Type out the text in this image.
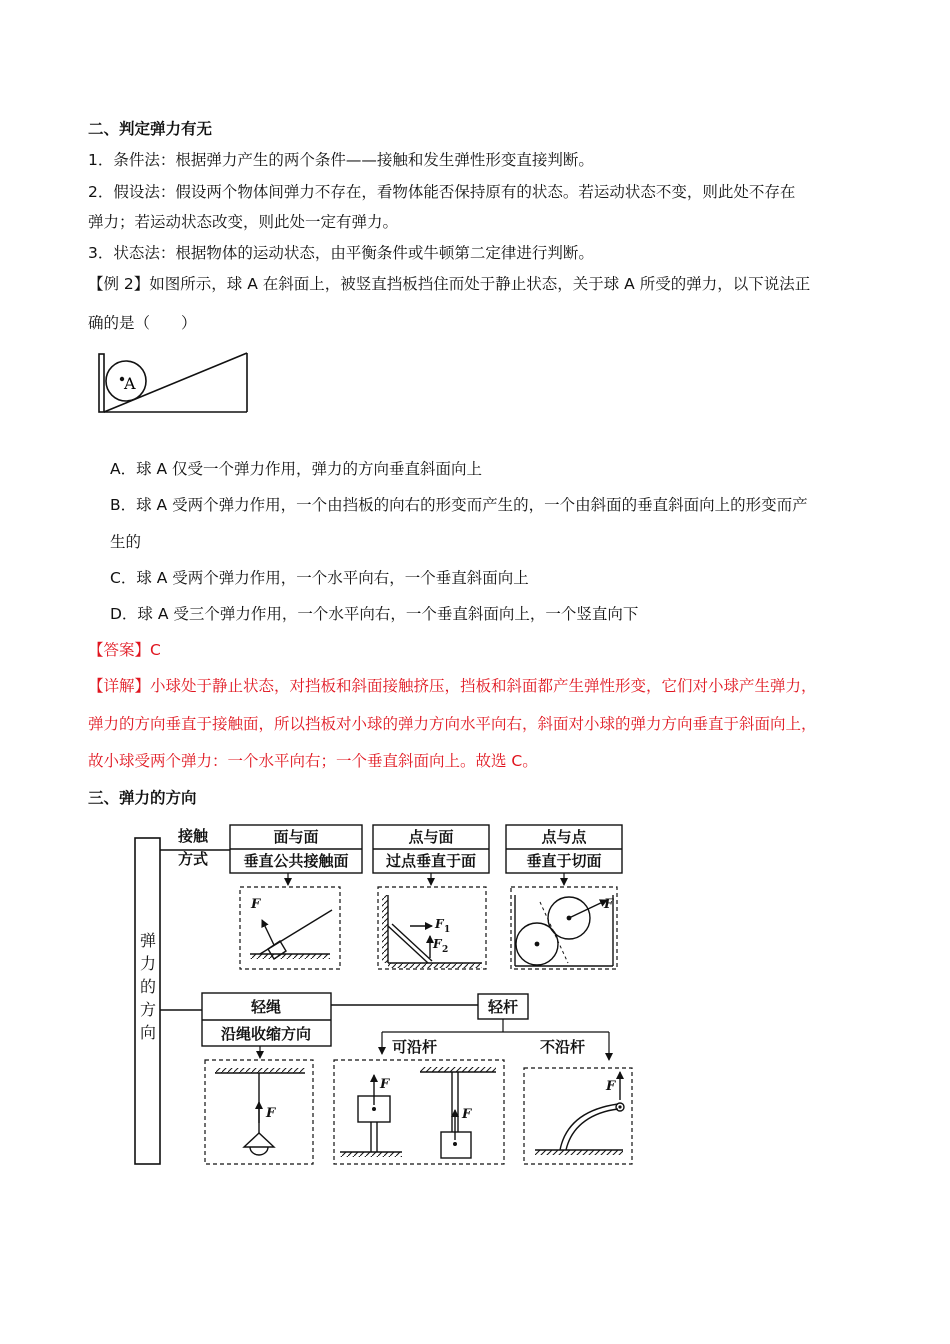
二、判定弹力有无
1．条件法：根据弹力产生的两个条件——接触和发生弹性形变直接判断。
2．假设法：假设两个物体间弹力不存在，看物体能否保持原有的状态。若运动状态不变，则此处不存在
弹力；若运动状态改变，则此处一定有弹力。
3．状态法：根据物体的运动状态，由平衡条件或牛顿第二定律进行判断。
【例 2】如图所示，球 A 在斜面上，被竖直挡板挡住而处于静止状态，关于球 A 所受的弹力，以下说法正
确的是（　　）
A
A．球 A 仅受一个弹力作用，弹力的方向垂直斜面向上
B．球 A 受两个弹力作用，一个由挡板的向右的形变而产生的，一个由斜面的垂直斜面向上的形变而产
生的
C．球 A 受两个弹力作用，一个水平向右，一个垂直斜面向上
D．球 A 受三个弹力作用，一个水平向右，一个垂直斜面向上，一个竖直向下
【答案】C
【详解】小球处于静止状态，对挡板和斜面接触挤压，挡板和斜面都产生弹性形变，它们对小球产生弹力，
弹力的方向垂直于接触面，所以挡板对小球的弹力方向水平向右，斜面对小球的弹力方向垂直于斜面向上，
故小球受两个弹力：一个水平向右；一个垂直斜面向上。故选 C。
三、弹力的方向
弹
力
的
方
向
接触
方式
面与面
垂直公共接触面
点与面
过点垂直于面
点与点
垂直于切面
F
F 1
F 2
F
轻绳
沿绳收缩方向
轻杆
可沿杆	不沿杆
F
F
F
F
